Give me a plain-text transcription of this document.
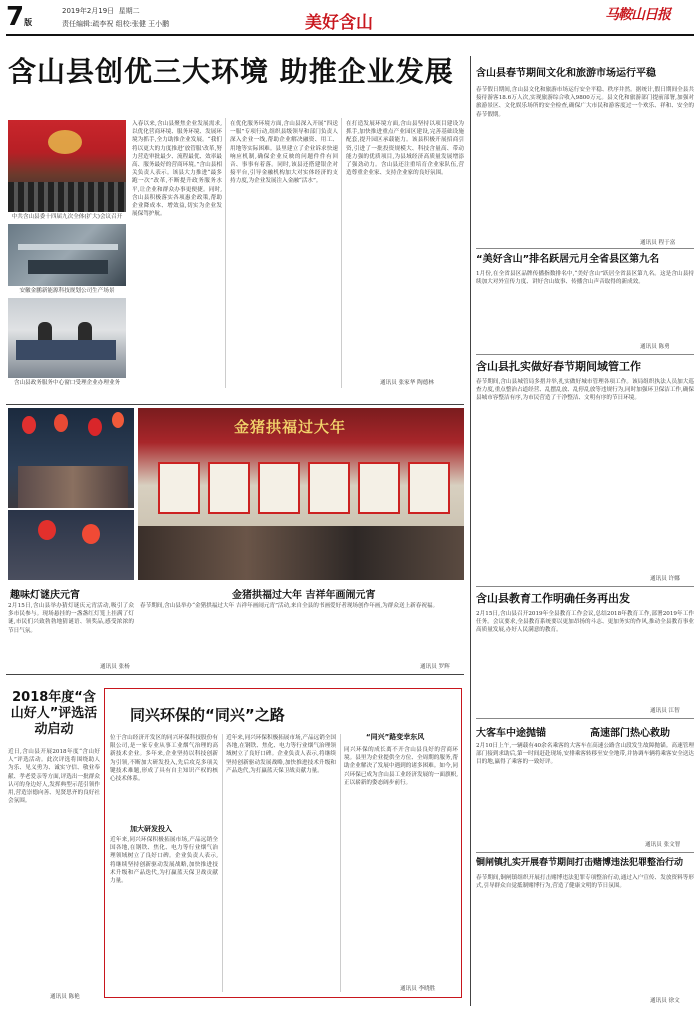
7版
2019年2月19日 星期二
责任编辑:疏李祝 组校:张健 王小鹏	美好含山	马鞍山日报
含山县创优三大环境 助推企业发展
中共含山县委十四届九次全体(扩大)会议召开
安徽金鹏新能源科技规划公司生产场景
含山县政务服务中心窗口受理企业办理业务
入春以来,含山县聚焦企业发展需求,以优化营商环境、服务环境、发展环境为抓手,全力助推企业发展。“我们将以更大的力度推进‘放管服’改革,努力营造审批最少、流程最优、效率最高、服务最好的营商环境。”含山县相关负责人表示。该县大力推进“最多跑一次”改革,不断提升政务服务水平,让企业和群众办事更便捷。同时,含山县积极落实各项惠企政策,帮助企业降成本、增效益,切实为企业发展保驾护航。
在优化服务环境方面,含山县深入开展“四送一服”专项行动,组织县级领导和部门负责人深入企业一线,帮助企业解决融资、用工、用地等实际困难。县里建立了企业诉求快速响应机制,确保企业反映的问题件件有回音、事事有着落。同时,该县还搭建银企对接平台,引导金融机构加大对实体经济的支持力度,为企业发展注入金融“活水”。
在打造发展环境方面,含山县坚持以项目建设为抓手,加快推进重点产业园区建设,完善基础设施配套,提升园区承载能力。该县积极开展招商引资,引进了一批投资规模大、科技含量高、带动能力强的优质项目,为县域经济高质量发展增添了强劲动力。含山县还注重培育企业家队伍,营造尊重企业家、支持企业家的良好氛围。
通讯员 张家华 陶德林
含山县春节期间文化和旅游市场运行平稳
春节假日期间,含山县文化和旅游市场运行安全平稳、秩序井然。据统计,假日期间全县共接待游客18.6万人次,实现旅游综合收入9800万元。县文化和旅游部门提前部署,加强对旅游景区、文化娱乐场所的安全检查,确保广大市民和游客度过一个欢乐、祥和、安全的春节假期。
通讯员 程于富
“美好含山”排名跃居元月全省县区第九名
1月份,在全省县区品牌传播指数排名中,“美好含山”跃居全省县区第九名。这是含山县持续加大对外宣传力度、讲好含山故事、传播含山声音取得的新成效。
通讯员 陈勇
含山县扎实做好春节期间域管工作
春节期间,含山县城管局多措并举,扎实做好城市管理各项工作。该局组织执法人员加大巡查力度,重点整治占道经营、乱摆乱放、乱停乱放等违规行为,同时加强环卫保洁工作,确保县城市容整洁有序,为市民营造了干净整洁、文明有序的节日环境。
通讯员 许娜
含山县教育工作明确任务再出发
2月15日,含山县召开2019年全县教育工作会议,总结2018年教育工作,部署2019年工作任务。会议要求,全县教育系统要以更加昂扬的斗志、更加务实的作风,推动全县教育事业高质量发展,办好人民满意的教育。
通讯员 江智
大客车中途抛锚	高速部门热心救助
2月10日上午,一辆载有40余名乘客的大客车在高速公路含山段发生故障抛锚。高速管理部门接到求助后,第一时间赶赴现场,安排乘客转移至安全地带,并协调车辆将乘客安全送达目的地,赢得了乘客的一致好评。
通讯员 张文智
铜闸镇扎实开展春节期间打击赌博违法犯罪整治行动
春节期间,铜闸镇组织开展打击赌博违法犯罪专项整治行动,通过入户宣传、发放资料等形式,引导群众自觉抵制赌博行为,营造了健康文明的节日氛围。
通讯员 徐文
金猪拱福过大年
趣味灯谜庆元宵	金猪拱福过大年 吉祥年画闹元宵
2月15日,含山县举办猜灯谜庆元宵活动,吸引了众多市民参与。现场悬挂的一盏盏红灯笼上挂满了灯谜,市民们兴致勃勃地猜谜语、领奖品,感受浓浓的节日气氛。
通讯员 张杨
春节期间,含山县举办“金猪拱福过大年 吉祥年画闹元宵”活动,来自全县的书画爱好者现场创作年画,为群众送上新春祝福。
通讯员 罗辉
2018年度“含山好人”评选活动启动
近日,含山县开展2018年度“含山好人”评选活动。此次评选将围绕助人为乐、见义勇为、诚实守信、敬业奉献、孝老爱亲等方面,评选出一批群众认可的身边好人,发挥典型示范引领作用,营造崇德向善、见贤思齐的良好社会氛围。
通讯员 陈艳
同兴环保的“同兴”之路
位于含山经济开发区的同兴环保科技股份有限公司,是一家专业从事工业烟气治理的高新技术企业。多年来,企业坚持以科技创新为引领,不断加大研发投入,先后攻克多项关键技术难题,形成了具有自主知识产权的核心技术体系。
加大研发投入
近年来,同兴环保积极拓展市场,产品远销全国各地,在钢铁、焦化、电力等行业烟气治理领域树立了良好口碑。企业负责人表示,将继续坚持创新驱动发展战略,加快推进技术升级和产品迭代,为打赢蓝天保卫战贡献力量。
近年来,同兴环保积极拓展市场,产品远销全国各地,在钢铁、焦化、电力等行业烟气治理领域树立了良好口碑。企业负责人表示,将继续坚持创新驱动发展战略,加快推进技术升级和产品迭代,为打赢蓝天保卫战贡献力量。
“同兴”路变幸东风
同兴环保的成长离不开含山县良好的营商环境。县里为企业提供全方位、全周期的服务,帮助企业解决了发展中遇到的诸多困难。如今,同兴环保已成为含山县工业经济发展的一面旗帜,正以崭新的姿态阔步前行。
通讯员 李晓胜
